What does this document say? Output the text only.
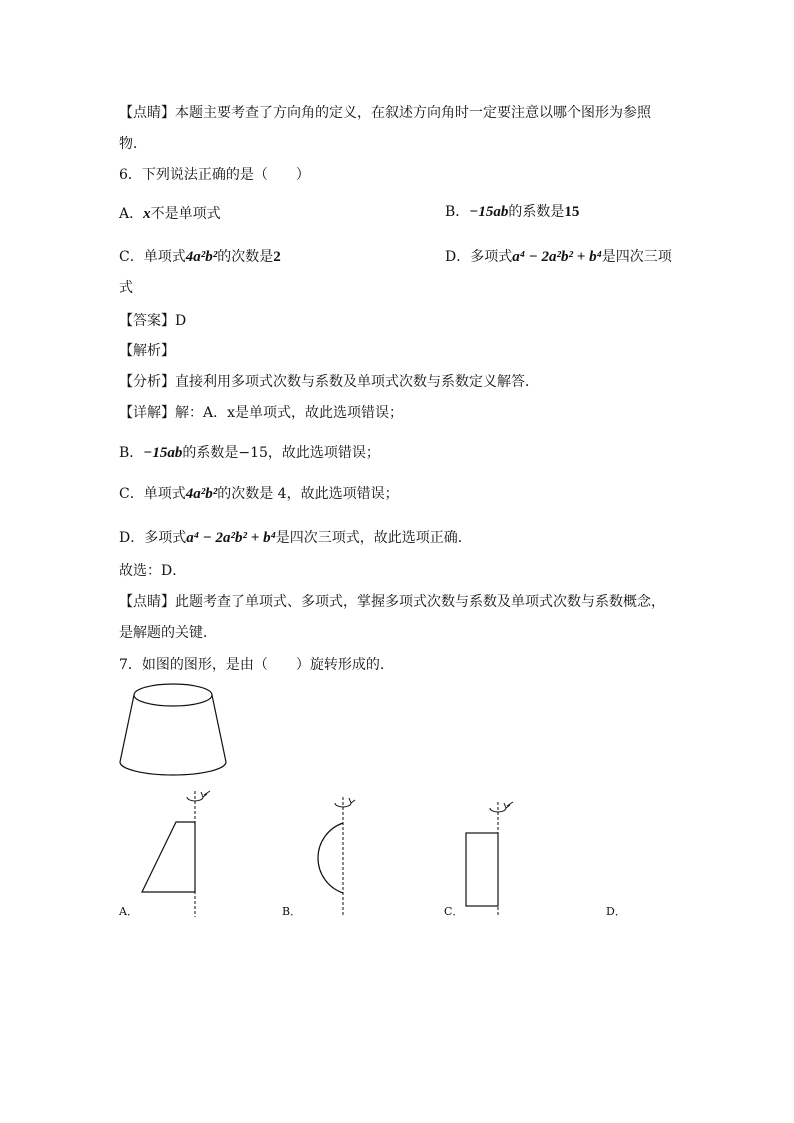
【点睛】本题主要考查了方向角的定义，在叙述方向角时一定要注意以哪个图形为参照
物．
6．下列说法正确的是（　　）
A．x不是单项式	B．−15ab的系数是15
C．单项式4a²b²的次数是2	D．多项式a⁴ − 2a²b² + b⁴是四次三项
式
【答案】D
【解析】
【分析】直接利用多项式次数与系数及单项式次数与系数定义解答．
【详解】解：A．x是单项式，故此选项错误；
B．−15ab的系数是−15，故此选项错误；
C．单项式4a²b²的次数是 4，故此选项错误；
D．多项式a⁴ − 2a²b² + b⁴是四次三项式，故此选项正确．
故选：D．
【点睛】此题考查了单项式、多项式，掌握多项式次数与系数及单项式次数与系数概念，
是解题的关键．
7．如图的图形，是由（　　）旋转形成的．
A．	B．	C．	D．
